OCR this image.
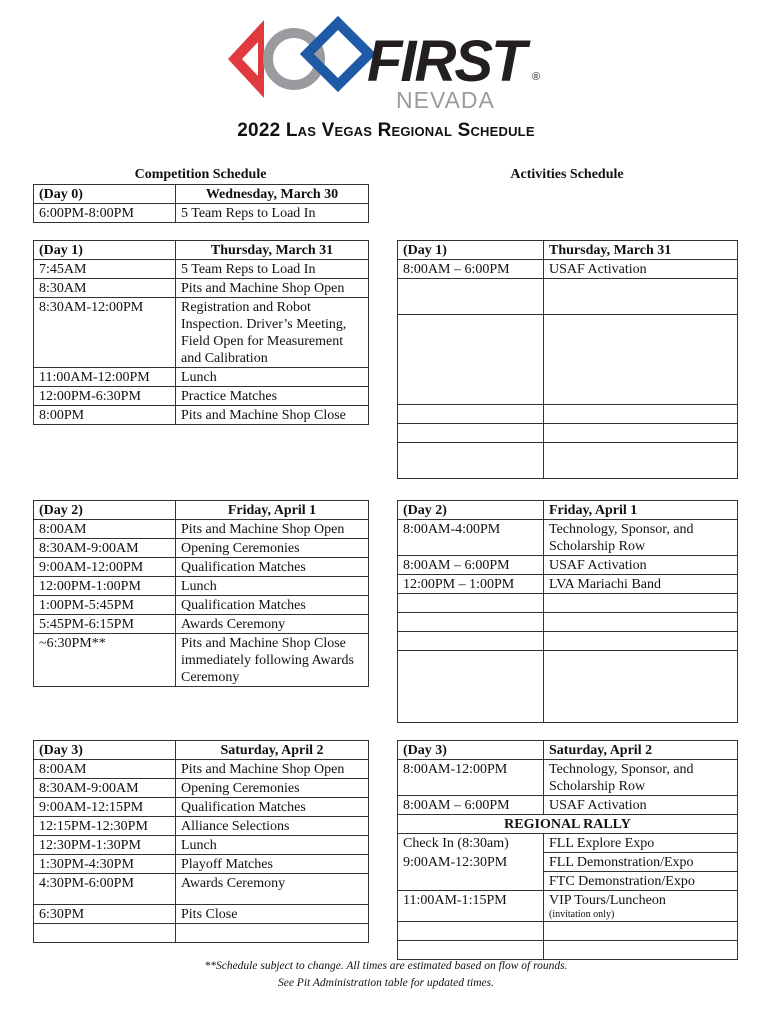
FIRST ®
NEVADA
2022 Las Vegas Regional Schedule
Competition Schedule	Activities Schedule
(Day 0)	Wednesday, March 30
6:00PM-8:00PM	5 Team Reps to Load In
(Day 1)	Thursday, March 31
7:45AM	5 Team Reps to Load In
8:30AM	Pits and Machine Shop Open
8:30AM-12:00PM	Registration and Robot Inspection. Driver’s Meeting, Field Open for Measurement and Calibration
11:00AM-12:00PM	Lunch
12:00PM-6:30PM	Practice Matches
8:00PM	Pits and Machine Shop Close
(Day 1)	Thursday, March 31
8:00AM – 6:00PM	USAF Activation

(Day 2)	Friday, April 1
8:00AM	Pits and Machine Shop Open
8:30AM-9:00AM	Opening Ceremonies
9:00AM-12:00PM	Qualification Matches
12:00PM-1:00PM	Lunch
1:00PM-5:45PM	Qualification Matches
5:45PM-6:15PM	Awards Ceremony
~6:30PM**	Pits and Machine Shop Close immediately following Awards Ceremony
(Day 2)	Friday, April 1
8:00AM-4:00PM	Technology, Sponsor, and Scholarship Row
8:00AM – 6:00PM	USAF Activation
12:00PM – 1:00PM	LVA Mariachi Band

(Day 3)	Saturday, April 2
8:00AM	Pits and Machine Shop Open
8:30AM-9:00AM	Opening Ceremonies
9:00AM-12:15PM	Qualification Matches
12:15PM-12:30PM	Alliance Selections
12:30PM-1:30PM	Lunch
1:30PM-4:30PM	Playoff Matches
4:30PM-6:00PM	Awards Ceremony
6:30PM	Pits Close

(Day 3)	Saturday, April 2
8:00AM-12:00PM	Technology, Sponsor, and Scholarship Row
8:00AM – 6:00PM	USAF Activation
REGIONAL RALLY	
Check In (8:30am)	FLL Explore Expo
9:00AM-12:30PM	FLL Demonstration/Expo
	FTC Demonstration/Expo
11:00AM-1:15PM	VIP Tours/Luncheon
(invitation only)

**Schedule subject to change. All times are estimated based on flow of rounds.
See Pit Administration table for updated times.
